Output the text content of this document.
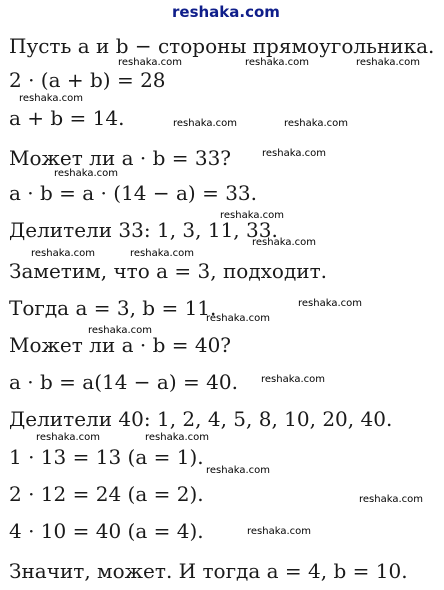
reshaka.com
Пусть a и b − стороны прямоугольника.
2 · (a + b) = 28
a + b = 14.
Может ли a · b = 33?
a · b = a · (14 − a) = 33.
Делители 33: 1, 3, 11, 33.
Заметим, что a = 3, подходит.
Тогда a = 3, b = 11.
Может ли a · b = 40?
a · b = a(14 − a) = 40.
Делители 40: 1, 2, 4, 5, 8, 10, 20, 40.
1 · 13 = 13 (a = 1).
2 · 12 = 24 (a = 2).
4 · 10 = 40 (a = 4).
Значит, может. И тогда a = 4, b = 10.
reshaka.com	reshaka.com	reshaka.com
reshaka.com
reshaka.com	reshaka.com
reshaka.com
reshaka.com
reshaka.com
reshaka.com
reshaka.com	reshaka.com
reshaka.com
reshaka.com
reshaka.com
reshaka.com
reshaka.com	reshaka.com
reshaka.com
reshaka.com
reshaka.com
